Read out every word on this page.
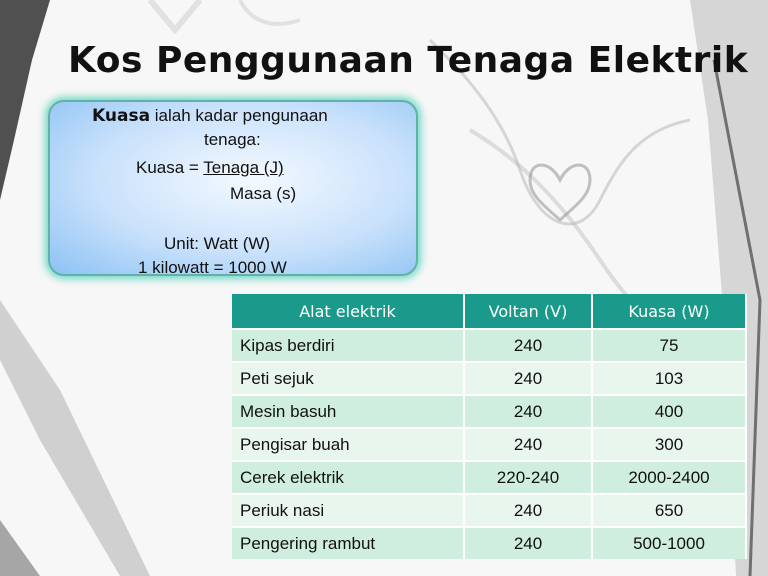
Kos Penggunaan Tenaga Elektrik
Kuasa ialah kadar pengunaan
tenaga:
Kuasa = Tenaga (J)
Masa (s)
Unit: Watt (W)
1 kilowatt = 1000 W
Alat elektrik	Voltan (V)	Kuasa (W)
Kipas berdiri	240	75
Peti sejuk	240	103
Mesin basuh	240	400
Pengisar buah	240	300
Cerek elektrik	220-240	2000-2400
Periuk nasi	240	650
Pengering rambut	240	500-1000
